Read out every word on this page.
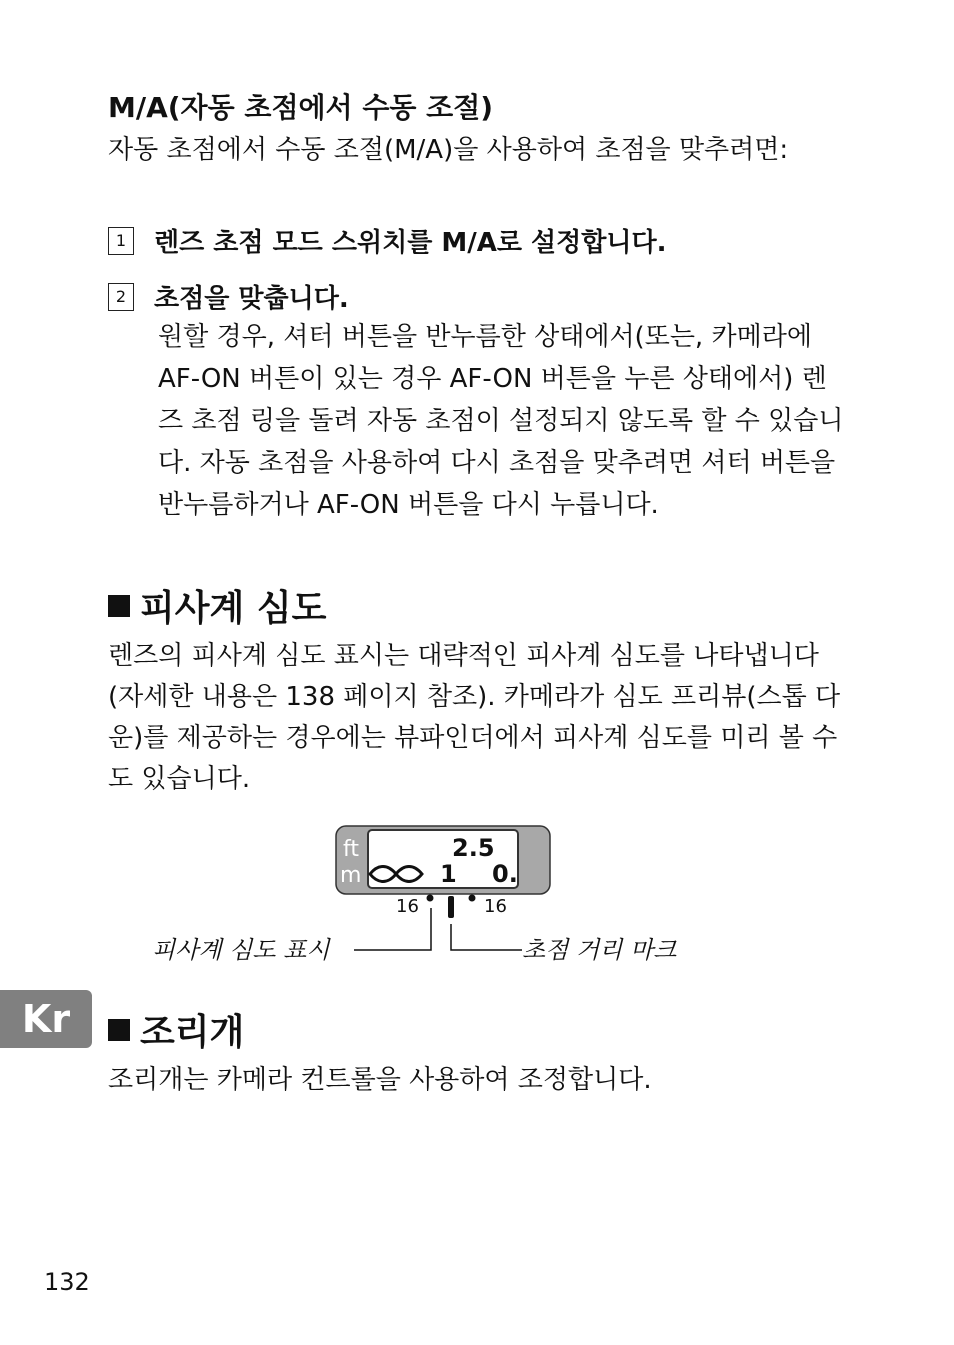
M/A(자동 초점에서 수동 조절)
자동 초점에서 수동 조절(M/A)을 사용하여 초점을 맞추려면:
1	렌즈 초점 모드 스위치를 M/A로 설정합니다.
2	초점을 맞춥니다.
원할 경우, 셔터 버튼을 반누름한 상태에서(또는, 카메라에 AF-ON 버튼이 있는 경우 AF-ON 버튼을 누른 상태에서) 렌즈 초점 링을 돌려 자동 초점이 설정되지 않도록 할 수 있습니다. 자동 초점을 사용하여 다시 초점을 맞추려면 셔터 버튼을 반누름하거나 AF-ON 버튼을 다시 누릅니다.
피사계 심도
렌즈의 피사계 심도 표시는 대략적인 피사계 심도를 나타냅니다(자세한 내용은 138 페이지 참조). 카메라가 심도 프리뷰(스톱 다운)를 제공하는 경우에는 뷰파인더에서 피사계 심도를 미리 볼 수도 있습니다.
ft
m
2.5
1 0.
16	16
피사계 심도 표시	초점 거리 마크
Kr	조리개
조리개는 카메라 컨트롤을 사용하여 조정합니다.
132
